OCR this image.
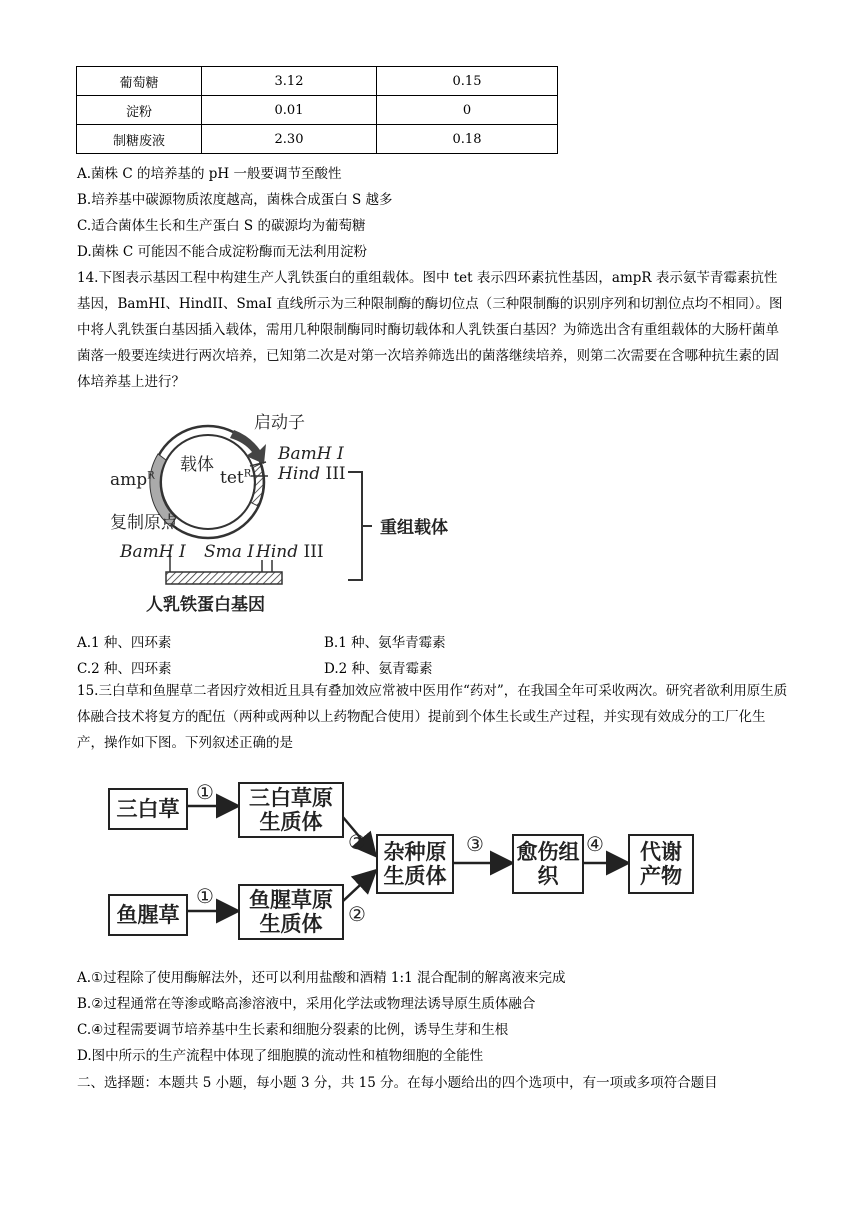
葡萄糖	3.12	0.15
淀粉	0.01	0
制糖废液	2.30	0.18
A.菌株 C 的培养基的 pH 一般要调节至酸性
B.培养基中碳源物质浓度越高，菌株合成蛋白 S 越多
C.适合菌体生长和生产蛋白 S 的碳源均为葡萄糖
D.菌株 C 可能因不能合成淀粉酶而无法利用淀粉
14.下图表示基因工程中构建生产人乳铁蛋白的重组载体。图中 tet 表示四环素抗性基因，ampR 表示氨苄青霉素抗性基因，BamHI、HindII、SmaI 直线所示为三种限制酶的酶切位点（三种限制酶的识别序列和切割位点均不相同）。图中将人乳铁蛋白基因插入载体，需用几种限制酶同时酶切载体和人乳铁蛋白基因？为筛选出含有重组载体的大肠杆菌单菌落一般要连续进行两次培养，已知第二次是对第一次培养筛选出的菌落继续培养，则第二次需要在含哪种抗生素的固体培养基上进行？
启动子
载体
amp$^R$	tet$^R$
BamH I
Hind III
复制原点
BamH I Sma I Hind III
人乳铁蛋白基因
重组载体
A.1 种、四环素	B.1 种、氨华青霉素
C.2 种、四环素	D.2 种、氨青霉素
15.三白草和鱼腥草二者因疗效相近且具有叠加效应常被中医用作“药对”，在我国全年可采收两次。研究者欲利用原生质体融合技术将复方的配伍（两种或两种以上药物配合使用）提前到个体生长或生产过程，并实现有效成分的工厂化生产，操作如下图。下列叙述正确的是
三白草	三白草原生质体
杂种原生质体
愈伤组织
代谢产物
鱼腥草
鱼腥草原生质体
①
①
②
②
③	④
A.①过程除了使用酶解法外，还可以利用盐酸和酒精 1:1 混合配制的解离液来完成
B.②过程通常在等渗或略高渗溶液中，采用化学法或物理法诱导原生质体融合
C.④过程需要调节培养基中生长素和细胞分裂素的比例，诱导生芽和生根
D.图中所示的生产流程中体现了细胞膜的流动性和植物细胞的全能性
二、选择题：本题共 5 小题，每小题 3 分，共 15 分。在每小题给出的四个选项中，有一项或多项符合题目
